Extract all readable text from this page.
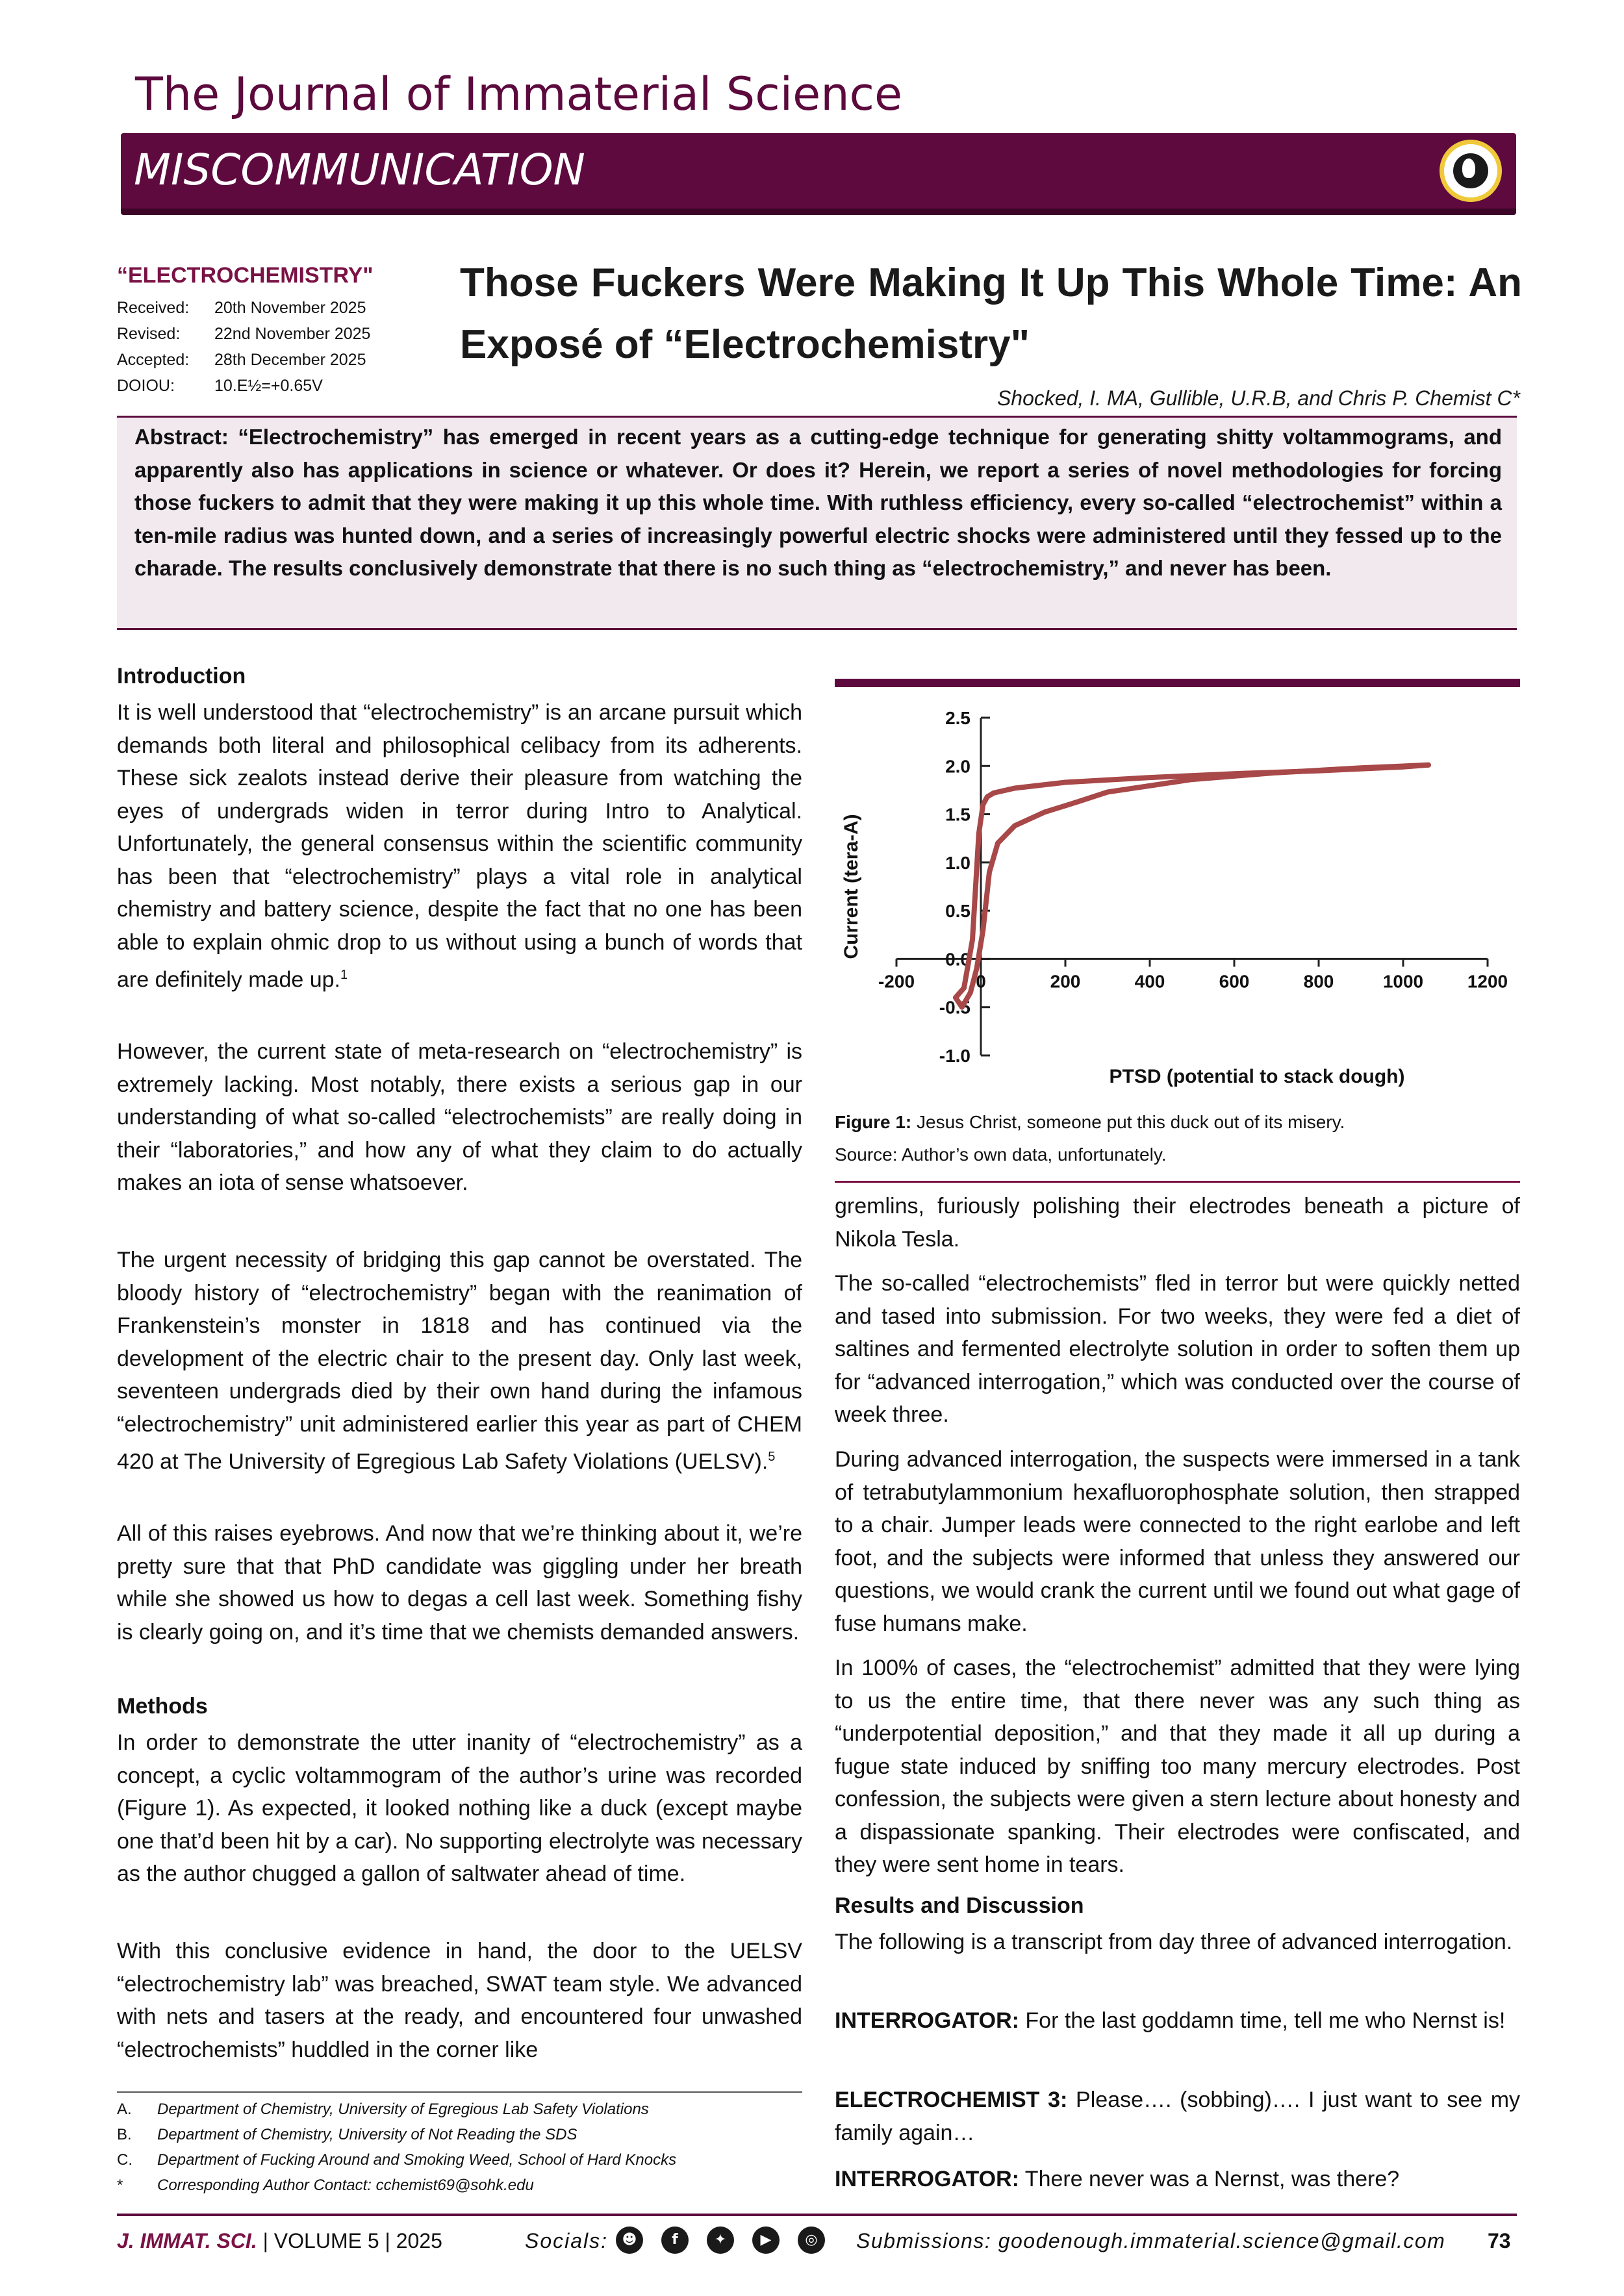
The Journal of Immaterial Science
MISCOMMUNICATION
“ELECTROCHEMISTRY"
Received: 20th November 2025
Revised: 22nd November 2025
Accepted: 28th December 2025
DOIOU: 10.E½=+0.65V
Those Fuckers Were Making It Up This Whole Time: An Exposé of “Electrochemistry"
Shocked, I. MA, Gullible, U.R.B, and Chris P. Chemist C*
Abstract: “Electrochemistry” has emerged in recent years as a cutting-edge technique for generating shitty voltammograms, and apparently also has applications in science or whatever. Or does it? Herein, we report a series of novel methodologies for forcing those fuckers to admit that they were making it up this whole time. With ruthless efficiency, every so-called “electrochemist” within a ten-mile radius was hunted down, and a series of increasingly powerful electric shocks were administered until they fessed up to the charade. The results conclusively demonstrate that there is no such thing as “electrochemistry,” and never has been.
Introduction

It is well understood that “electrochemistry” is an arcane pursuit which demands both literal and philosophical celibacy from its adherents. These sick zealots instead derive their pleasure from watching the eyes of undergrads widen in terror during Intro to Analytical. Unfortunately, the general consensus within the scientific community has been that “electrochemistry” plays a vital role in analytical chemistry and battery science, despite the fact that no one has been able to explain ohmic drop to us without using a bunch of words that are definitely made up.$^1$

However, the current state of meta-research on “electrochemistry” is extremely lacking. Most notably, there exists a serious gap in our understanding of what so-called “electrochemists” are really doing in their “laboratories,” and how any of what they claim to do actually makes an iota of sense whatsoever.

The urgent necessity of bridging this gap cannot be overstated. The bloody history of “electrochemistry” began with the reanimation of Frankenstein’s monster in 1818 and has continued via the development of the electric chair to the present day. Only last week, seventeen undergrads died by their own hand during the infamous “electrochemistry” unit administered earlier this year as part of CHEM 420 at The University of Egregious Lab Safety Violations (UELSV).$^5$

All of this raises eyebrows. And now that we’re thinking about it, we’re pretty sure that that PhD candidate was giggling under her breath while she showed us how to degas a cell last week. Something fishy is clearly going on, and it’s time that we chemists demanded answers.

Methods

In order to demonstrate the utter inanity of “electrochemistry” as a concept, a cyclic voltammogram of the author’s urine was recorded (Figure 1). As expected, it looked nothing like a duck (except maybe one that’d been hit by a car). No supporting electrolyte was necessary as the author chugged a gallon of saltwater ahead of time.

With this conclusive evidence in hand, the door to the UELSV “electrochemistry lab” was breached, SWAT team style. We advanced with nets and tasers at the ready, and encountered four unwashed “electrochemists” huddled in the corner like

A. Department of Chemistry, University of Egregious Lab Safety Violations
B. Department of Chemistry, University of Not Reading the SDS
C. Department of Fucking Around and Smoking Weed, School of Hard Knocks
* Corresponding Author Contact: cchemist69@sohk.edu
-1.0
-0.5
0.0
0.5
1.0
1.5
2.0
2.5
-200	0	200	400	600	800	1000 1200
PTSD (potential to stack dough)
Current (tera-A)
Figure 1: Jesus Christ, someone put this duck out of its misery.
Source: Author’s own data, unfortunately.

gremlins, furiously polishing their electrodes beneath a picture of Nikola Tesla.

The so-called “electrochemists” fled in terror but were quickly netted and tased into submission. For two weeks, they were fed a diet of saltines and fermented electrolyte solution in order to soften them up for “advanced interrogation,” which was conducted over the course of week three.

During advanced interrogation, the suspects were immersed in a tank of tetrabutylammonium hexafluorophosphate solution, then strapped to a chair. Jumper leads were connected to the right earlobe and left foot, and the subjects were informed that unless they answered our questions, we would crank the current until we found out what gage of fuse humans make.

In 100% of cases, the “electrochemist” admitted that they were lying to us the entire time, that there never was any such thing as “underpotential deposition,” and that they made it all up during a fugue state induced by sniffing too many mercury electrodes. Post confession, the subjects were given a stern lecture about honesty and a dispassionate spanking. Their electrodes were confiscated, and they were sent home in tears.

Results and Discussion

The following is a transcript from day three of advanced interrogation.

INTERROGATOR: For the last goddamn time, tell me who Nernst is!

ELECTROCHEMIST 3: Please…. (sobbing)…. I just want to see my family again…

INTERROGATOR: There never was a Nernst, was there?

J. IMMAT. SCI. | VOLUME 5 | 2025	Socials: ☻	f	✦	▶	◎	Submissions: goodenough.immaterial.science@gmail.com 73
